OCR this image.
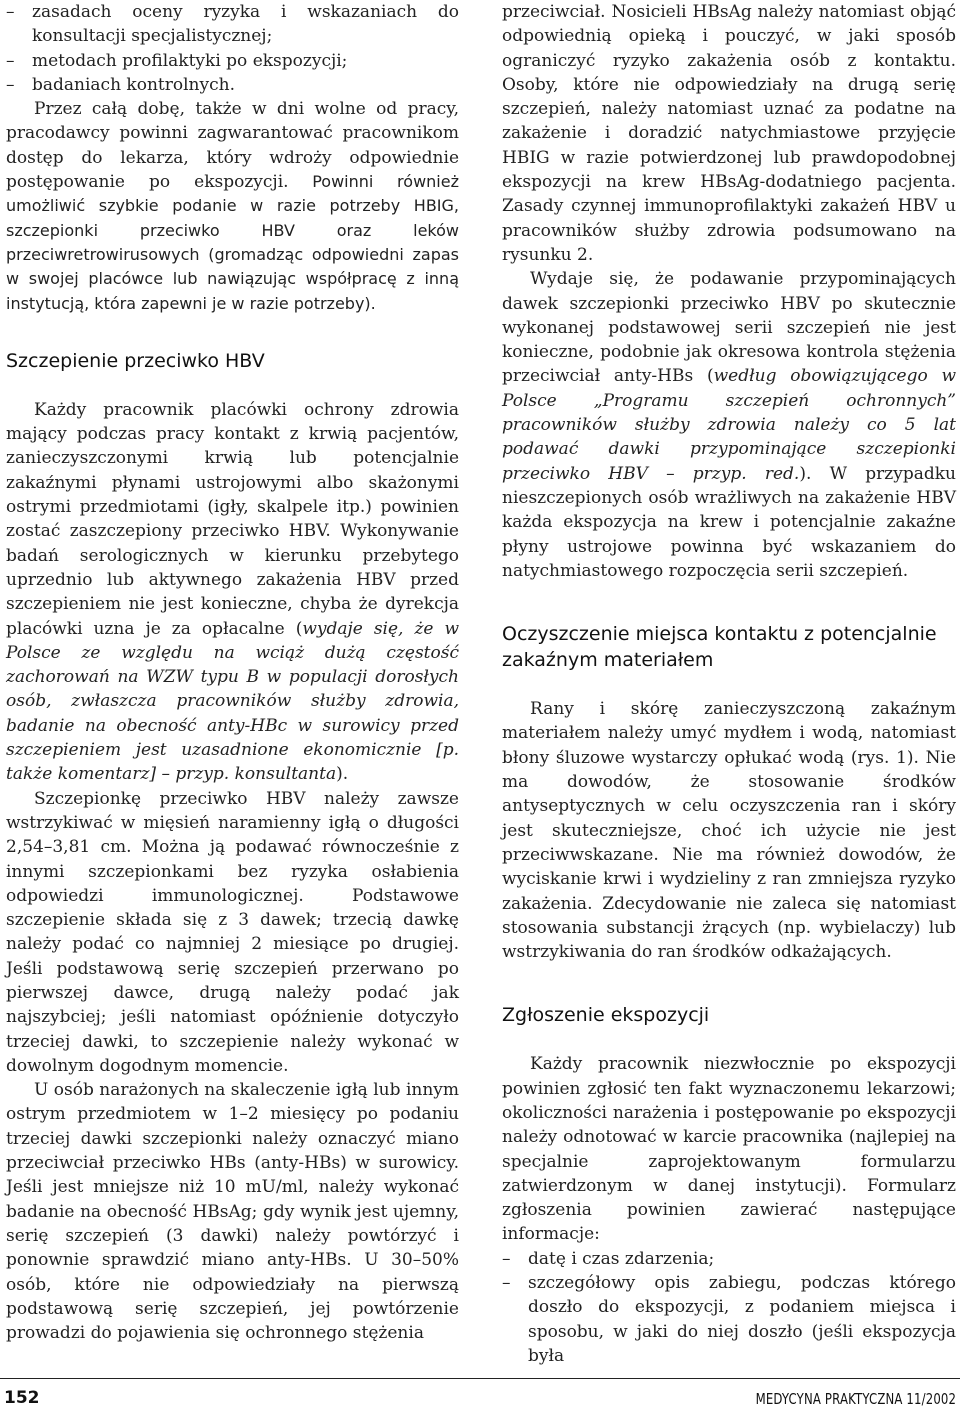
– zasadach oceny ryzyka i wskazaniach do konsultacji specjalistycznej;

– metodach profilaktyki po ekspozycji;

– badaniach kontrolnych.

Przez całą dobę, także w dni wolne od pracy, pracodawcy powinni zagwarantować pracownikom dostęp do lekarza, który wdroży odpowiednie postępowanie po ekspozycji. Powinni również umożliwić szybkie podanie w razie potrzeby HBIG, szczepionki przeciwko HBV oraz leków przeciwretrowirusowych (gromadząc odpowiedni zapas w swojej placówce lub nawiązując współpracę z inną instytucją, która zapewni je w razie potrzeby).

Szczepienie przeciwko HBV

Każdy pracownik placówki ochrony zdrowia mający podczas pracy kontakt z krwią pacjentów, zanieczyszczonymi krwią lub potencjalnie zakaźnymi płynami ustrojowymi albo skażonymi ostrymi przedmiotami (igły, skalpele itp.) powinien zostać zaszczepiony przeciwko HBV. Wykonywanie badań serologicznych w kierunku przebytego uprzednio lub aktywnego zakażenia HBV przed szczepieniem nie jest konieczne, chyba że dyrekcja placówki uzna je za opłacalne (wydaje się, że w Polsce ze względu na wciąż dużą częstość zachorowań na WZW typu B w populacji dorosłych osób, zwłaszcza pracowników służby zdrowia, badanie na obecność anty-HBc w surowicy przed szczepieniem jest uzasadnione ekonomicznie [p. także komentarz] – przyp. konsultanta).

Szczepionkę przeciwko HBV należy zawsze wstrzykiwać w mięsień naramienny igłą o długości 2,54–3,81 cm. Można ją podawać równocześnie z innymi szczepionkami bez ryzyka osłabienia odpowiedzi immunologicznej. Podstawowe szczepienie składa się z 3 dawek; trzecią dawkę należy podać co najmniej 2 miesiące po drugiej. Jeśli podstawową serię szczepień przerwano po pierwszej dawce, drugą należy podać jak najszybciej; jeśli natomiast opóźnienie dotyczyło trzeciej dawki, to szczepienie należy wykonać w dowolnym dogodnym momencie.

U osób narażonych na skaleczenie igłą lub innym ostrym przedmiotem w 1–2 miesięcy po podaniu trzeciej dawki szczepionki należy oznaczyć miano przeciwciał przeciwko HBs (anty-HBs) w surowicy. Jeśli jest mniejsze niż 10 mU/ml, należy wykonać badanie na obecność HBsAg; gdy wynik jest ujemny, serię szczepień (3 dawki) należy powtórzyć i ponownie sprawdzić miano anty-HBs. U 30–50% osób, które nie odpowiedziały na pierwszą podstawową serię szczepień, jej powtórzenie prowadzi do pojawienia się ochronnego stężenia

przeciwciał. Nosicieli HBsAg należy natomiast objąć odpowiednią opieką i pouczyć, w jaki sposób ograniczyć ryzyko zakażenia osób z kontaktu. Osoby, które nie odpowiedziały na drugą serię szczepień, należy natomiast uznać za podatne na zakażenie i doradzić natychmiastowe przyjęcie HBIG w razie potwierdzonej lub prawdopodobnej ekspozycji na krew HBsAg-dodatniego pacjenta. Zasady czynnej immunoprofilaktyki zakażeń HBV u pracowników służby zdrowia podsumowano na rysunku 2.

Wydaje się, że podawanie przypominających dawek szczepionki przeciwko HBV po skutecznie wykonanej podstawowej serii szczepień nie jest konieczne, podobnie jak okresowa kontrola stężenia przeciwciał anty-HBs (według obowiązującego w Polsce „Programu szczepień ochronnych” pracowników służby zdrowia należy co 5 lat podawać dawki przypominające szczepionki przeciwko HBV – przyp. red.). W przypadku nieszczepionych osób wrażliwych na zakażenie HBV każda ekspozycja na krew i potencjalnie zakaźne płyny ustrojowe powinna być wskazaniem do natychmiastowego rozpoczęcia serii szczepień.

Oczyszczenie miejsca kontaktu z potencjalnie zakaźnym materiałem

Rany i skórę zanieczyszczoną zakaźnym materiałem należy umyć mydłem i wodą, natomiast błony śluzowe wystarczy opłukać wodą (rys. 1). Nie ma dowodów, że stosowanie środków antyseptycznych w celu oczyszczenia ran i skóry jest skuteczniejsze, choć ich użycie nie jest przeciwwskazane. Nie ma również dowodów, że wyciskanie krwi i wydzieliny z ran zmniejsza ryzyko zakażenia. Zdecydowanie nie zaleca się natomiast stosowania substancji żrących (np. wybielaczy) lub wstrzykiwania do ran środków odkażających.

Zgłoszenie ekspozycji

Każdy pracownik niezwłocznie po ekspozycji powinien zgłosić ten fakt wyznaczonemu lekarzowi; okoliczności narażenia i postępowanie po ekspozycji należy odnotować w karcie pracownika (najlepiej na specjalnie zaprojektowanym formularzu zatwierdzonym w danej instytucji). Formularz zgłoszenia powinien zawierać następujące informacje:

– datę i czas zdarzenia;

– szczegółowy opis zabiegu, podczas którego doszło do ekspozycji, z podaniem miejsca i sposobu, w jaki do niej doszło (jeśli ekspozycja była

152	MEDYCYNA PRAKTYCZNA 11/2002
